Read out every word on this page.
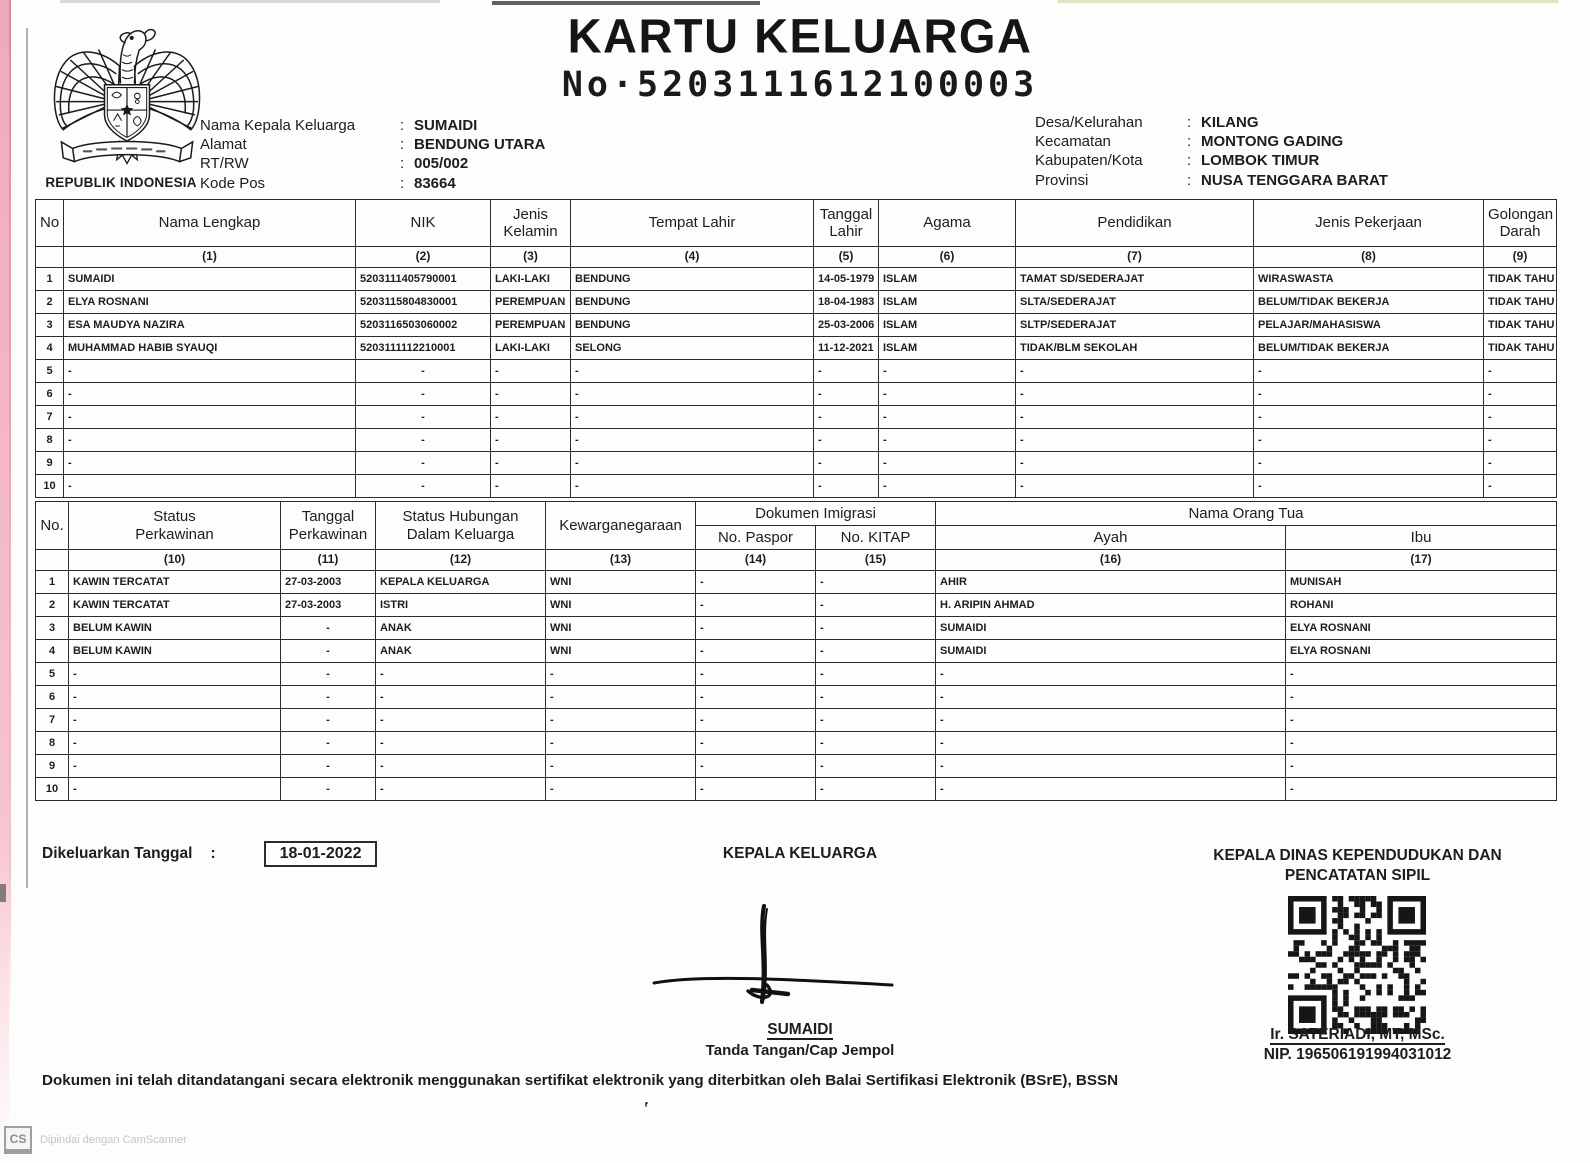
REPUBLIK INDONESIA
KARTU KELUARGA
No·5203111612100003
Nama Kepala Keluarga	: SUMAIDI
Alamat	: BENDUNG UTARA
RT/RW	: 005/002
Kode Pos	: 83664
Desa/Kelurahan	: KILANG
Kecamatan	: MONTONG GADING
Kabupaten/Kota	: LOMBOK TIMUR
Provinsi	: NUSA TENGGARA BARAT
No	Nama Lengkap	NIK	Jenis Kelamin	Tempat Lahir	Tanggal Lahir	Agama	Pendidikan	Jenis Pekerjaan	Golongan Darah
	(1)	(2)	(3)	(4)	(5)	(6)	(7)	(8)	(9)
1	SUMAIDI	5203111405790001	LAKI-LAKI	BENDUNG	14-05-1979	ISLAM	TAMAT SD/SEDERAJAT	WIRASWASTA	TIDAK TAHU
2	ELYA ROSNANI	5203115804830001	PEREMPUAN	BENDUNG	18-04-1983	ISLAM	SLTA/SEDERAJAT	BELUM/TIDAK BEKERJA	TIDAK TAHU
3	ESA MAUDYA NAZIRA	5203116503060002	PEREMPUAN	BENDUNG	25-03-2006	ISLAM	SLTP/SEDERAJAT	PELAJAR/MAHASISWA	TIDAK TAHU
4	MUHAMMAD HABIB SYAUQI	5203111112210001	LAKI-LAKI	SELONG	11-12-2021	ISLAM	TIDAK/BLM SEKOLAH	BELUM/TIDAK BEKERJA	TIDAK TAHU
5	-	-	-	-	-	-	-	-	-
6	-	-	-	-	-	-	-	-	-
7	-	-	-	-	-	-	-	-	-
8	-	-	-	-	-	-	-	-	-
9	-	-	-	-	-	-	-	-	-
10	-	-	-	-	-	-	-	-	-
No.	Status Perkawinan	Tanggal Perkawinan	Status Hubungan Dalam Keluarga	Kewarganegaraan	Dokumen Imigrasi		Nama Orang Tua	
					No. Paspor	No. KITAP	Ayah	Ibu
	(10)	(11)	(12)	(13)	(14)	(15)	(16)	(17)
1	KAWIN TERCATAT	27-03-2003	KEPALA KELUARGA	WNI	-	-	AHIR	MUNISAH
2	KAWIN TERCATAT	27-03-2003	ISTRI	WNI	-	-	H. ARIPIN AHMAD	ROHANI
3	BELUM KAWIN	-	ANAK	WNI	-	-	SUMAIDI	ELYA ROSNANI
4	BELUM KAWIN	-	ANAK	WNI	-	-	SUMAIDI	ELYA ROSNANI
5	-	-	-	-	-	-	-	-
6	-	-	-	-	-	-	-	-
7	-	-	-	-	-	-	-	-
8	-	-	-	-	-	-	-	-
9	-	-	-	-	-	-	-	-
10	-	-	-	-	-	-	-	-
Dikeluarkan Tanggal :	18-01-2022	KEPALA KELUARGA
SUMAIDI
Tanda Tangan/Cap Jempol
KEPALA DINAS KEPENDUDUKAN DAN
PENCATATAN SIPIL
Ir. SATERIADI, MT, MSc.
NIP. 196506191994031012
Dokumen ini telah ditandatangani secara elektronik menggunakan sertifikat elektronik yang diterbitkan oleh Balai Sertifikasi Elektronik (BSrE), BSSN
‛
CS	Dipindai dengan CamScanner
